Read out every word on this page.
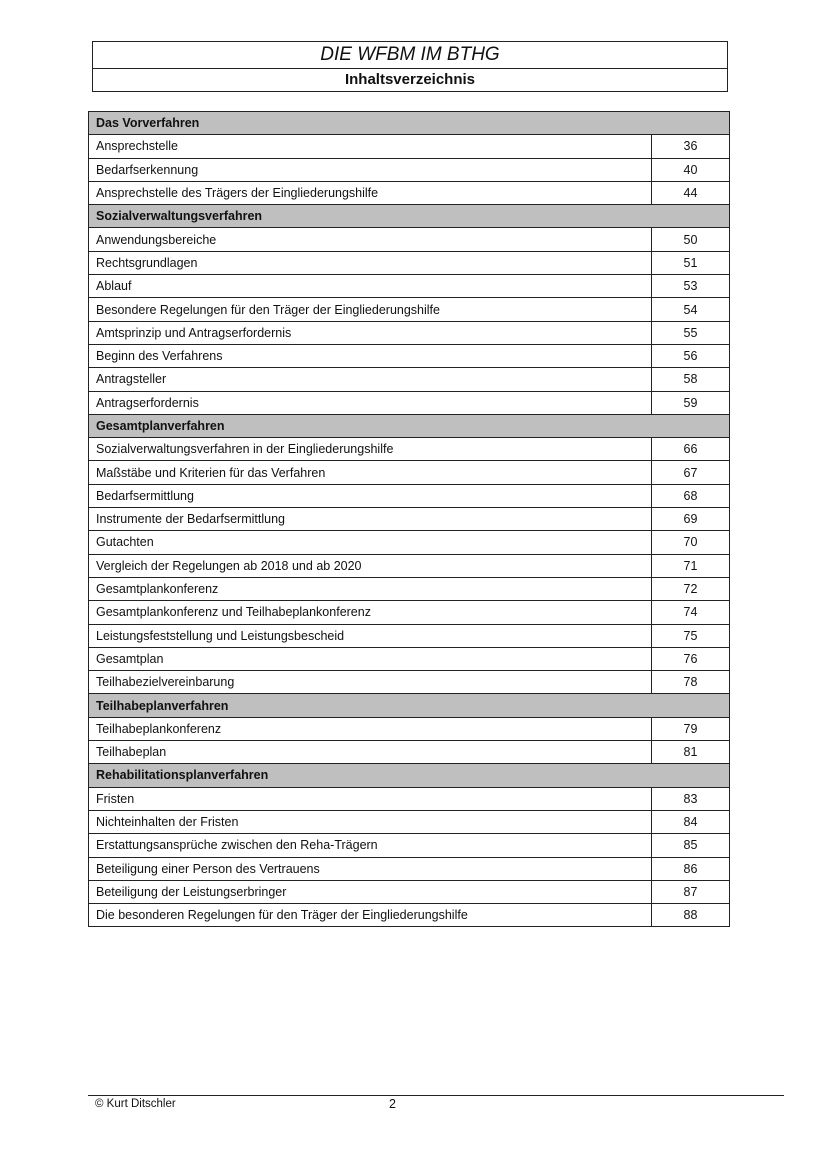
DIE WFBM IM BTHG
Inhaltsverzeichnis
Das Vorverfahren	
Ansprechstelle	36
Bedarfserkennung	40
Ansprechstelle des Trägers der Eingliederungshilfe	44
Sozialverwaltungsverfahren	
Anwendungsbereiche	50
Rechtsgrundlagen	51
Ablauf	53
Besondere Regelungen für den Träger der Eingliederungshilfe	54
Amtsprinzip und Antragserfordernis	55
Beginn des Verfahrens	56
Antragsteller	58
Antragserfordernis	59
Gesamtplanverfahren	
Sozialverwaltungsverfahren in der Eingliederungshilfe	66
Maßstäbe und Kriterien für das Verfahren	67
Bedarfsermittlung	68
Instrumente der Bedarfsermittlung	69
Gutachten	70
Vergleich der Regelungen ab 2018 und ab 2020	71
Gesamtplankonferenz	72
Gesamtplankonferenz und Teilhabeplankonferenz	74
Leistungsfeststellung und Leistungsbescheid	75
Gesamtplan	76
Teilhabezielvereinbarung	78
Teilhabeplanverfahren	
Teilhabeplankonferenz	79
Teilhabeplan	81
Rehabilitationsplanverfahren	
Fristen	83
Nichteinhalten der Fristen	84
Erstattungsansprüche zwischen den Reha-Trägern	85
Beteiligung einer Person des Vertrauens	86
Beteiligung der Leistungserbringer	87
Die besonderen Regelungen für den Träger der Eingliederungshilfe	88
© Kurt Ditschler	2
